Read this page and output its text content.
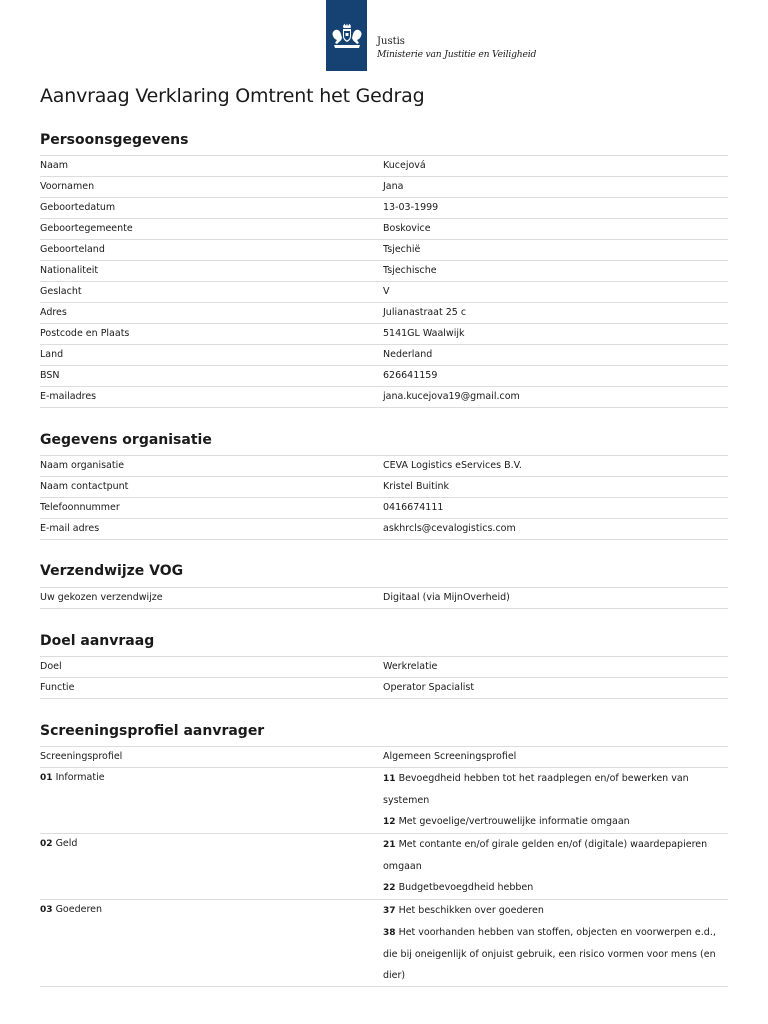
Justis
Ministerie van Justitie en Veiligheid
Aanvraag Verklaring Omtrent het Gedrag
Persoonsgegevens
Naam	Kucejová
Voornamen	Jana
Geboortedatum	13-03-1999
Geboortegemeente	Boskovice
Geboorteland	Tsjechië
Nationaliteit	Tsjechische
Geslacht	V
Adres	Julianastraat 25 c
Postcode en Plaats	5141GL Waalwijk
Land	Nederland
BSN	626641159
E-mailadres	jana.kucejova19@gmail.com
Gegevens organisatie
Naam organisatie	CEVA Logistics eServices B.V.
Naam contactpunt	Kristel Buitink
Telefoonnummer	0416674111
E-mail adres	askhrcls@cevalogistics.com
Verzendwijze VOG
Uw gekozen verzendwijze	Digitaal (via MijnOverheid)
Doel aanvraag
Doel	Werkrelatie
Functie	Operator Spacialist
Screeningsprofiel aanvrager
Screeningsprofiel	Algemeen Screeningsprofiel
01 Informatie	11 Bevoegdheid hebben tot het raadplegen en/of bewerken van systemen
12 Met gevoelige/vertrouwelijke informatie omgaan
02 Geld	21 Met contante en/of girale gelden en/of (digitale) waardepapieren omgaan
22 Budgetbevoegdheid hebben
03 Goederen	37 Het beschikken over goederen
38 Het voorhanden hebben van stoffen, objecten en voorwerpen e.d., die bij oneigenlijk of onjuist gebruik, een risico vormen voor mens (en dier)
